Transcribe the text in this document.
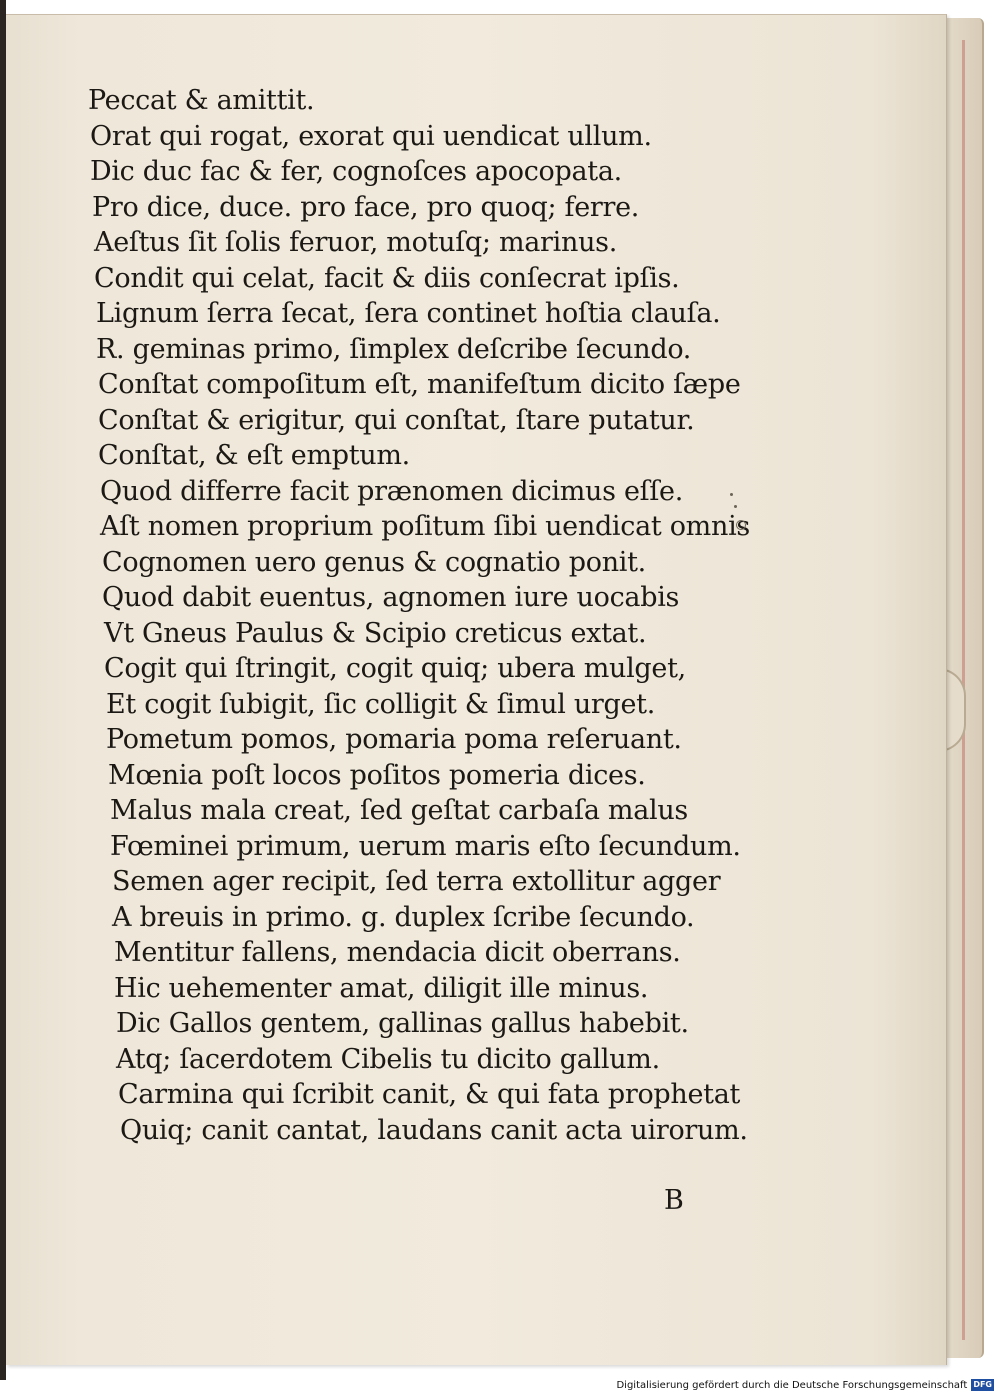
Peccat & amittit.
Orat qui rogat, exorat qui uendicat ullum.
Dic duc fac & fer, cognoſces apocopata.
Pro dice, duce. pro face, pro quoq; ferre.
Aeſtus ſit ſolis feruor, motuſq; marinus.
Condit qui celat, facit & diis conſecrat ipſis.
Lignum ſerra ſecat, ſera continet hoſtia clauſa.
R. geminas primo, ſimplex deſcribe ſecundo.
Conſtat compoſitum eſt, manifeſtum dicito ſæpe
Conſtat & erigitur, qui conſtat, ſtare putatur.
Conſtat, & eſt emptum.
Quod differre facit prænomen dicimus eſſe.
Aſt nomen proprium poſitum ſibi uendicat omnis
Cognomen uero genus & cognatio ponit.
Quod dabit euentus, agnomen iure uocabis
Vt Gneus Paulus & Scipio creticus extat.
Cogit qui ſtringit, cogit quiq; ubera mulget,
Et cogit ſubigit, ſic colligit & ſimul urget.
Pometum pomos, pomaria poma reſeruant.
Mœnia poſt locos poſitos pomeria dices.
Malus mala creat, ſed geſtat carbaſa malus
Fœminei primum, uerum maris eſto ſecundum.
Semen ager recipit, ſed terra extollitur agger
A breuis in primo. g. duplex ſcribe ſecundo.
Mentitur fallens, mendacia dicit oberrans.
Hic uehementer amat, diligit ille minus.
Dic Gallos gentem, gallinas gallus habebit.
Atq; ſacerdotem Cibelis tu dicito gallum.
Carmina qui ſcribit canit, & qui fata prophetat
Quiq; canit cantat, laudans canit acta uirorum.
B
Digitalisierung gefördert durch die Deutsche Forschungsgemeinschaft DFG
